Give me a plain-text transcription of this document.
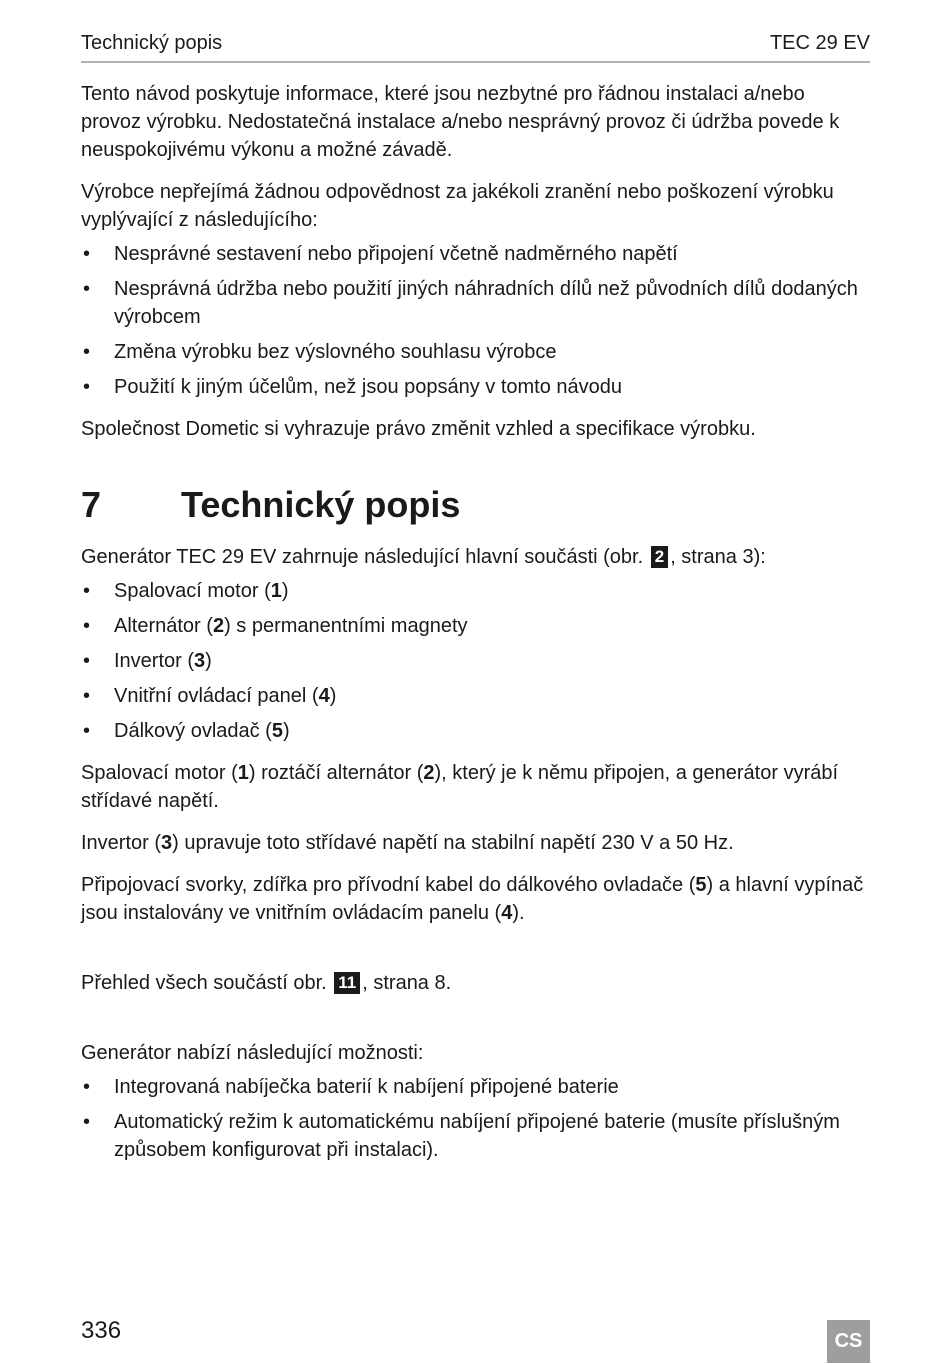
Technický popis	TEC 29 EV

Tento návod poskytuje informace, které jsou nezbytné pro řádnou instalaci a/nebo provoz výrobku. Nedostatečná instalace a/nebo nesprávný provoz či údržba povede k neuspokojivému výkonu a možné závadě.

Výrobce nepřejímá žádnou odpovědnost za jakékoli zranění nebo poškození výrobku vyplývající z následujícího:

• Nesprávné sestavení nebo připojení včetně nadměrného napětí
• Nesprávná údržba nebo použití jiných náhradních dílů než původních dílů dodaných výrobcem
• Změna výrobku bez výslovného souhlasu výrobce
• Použití k jiným účelům, než jsou popsány v tomto návodu

Společnost Dometic si vyhrazuje právo změnit vzhled a specifikace výrobku.

7 Technický popis

Generátor TEC 29 EV zahrnuje následující hlavní součásti (obr. 2 , strana 3):

• Spalovací motor (1)
• Alternátor (2) s permanentními magnety
• Invertor (3)
• Vnitřní ovládací panel (4)
• Dálkový ovladač (5)

Spalovací motor (1) roztáčí alternátor (2), který je k němu připojen, a generátor vyrábí střídavé napětí.

Invertor (3) upravuje toto střídavé napětí na stabilní napětí 230 V a 50 Hz.

Připojovací svorky, zdířka pro přívodní kabel do dálkového ovladače (5) a hlavní vypínač jsou instalovány ve vnitřním ovládacím panelu (4).

Přehled všech součástí obr. 11 , strana 8.

Generátor nabízí následující možnosti:

• Integrovaná nabíječka baterií k nabíjení připojené baterie
• Automatický režim k automatickému nabíjení připojené baterie (musíte příslušným způsobem konfigurovat při instalaci).
336	CS
